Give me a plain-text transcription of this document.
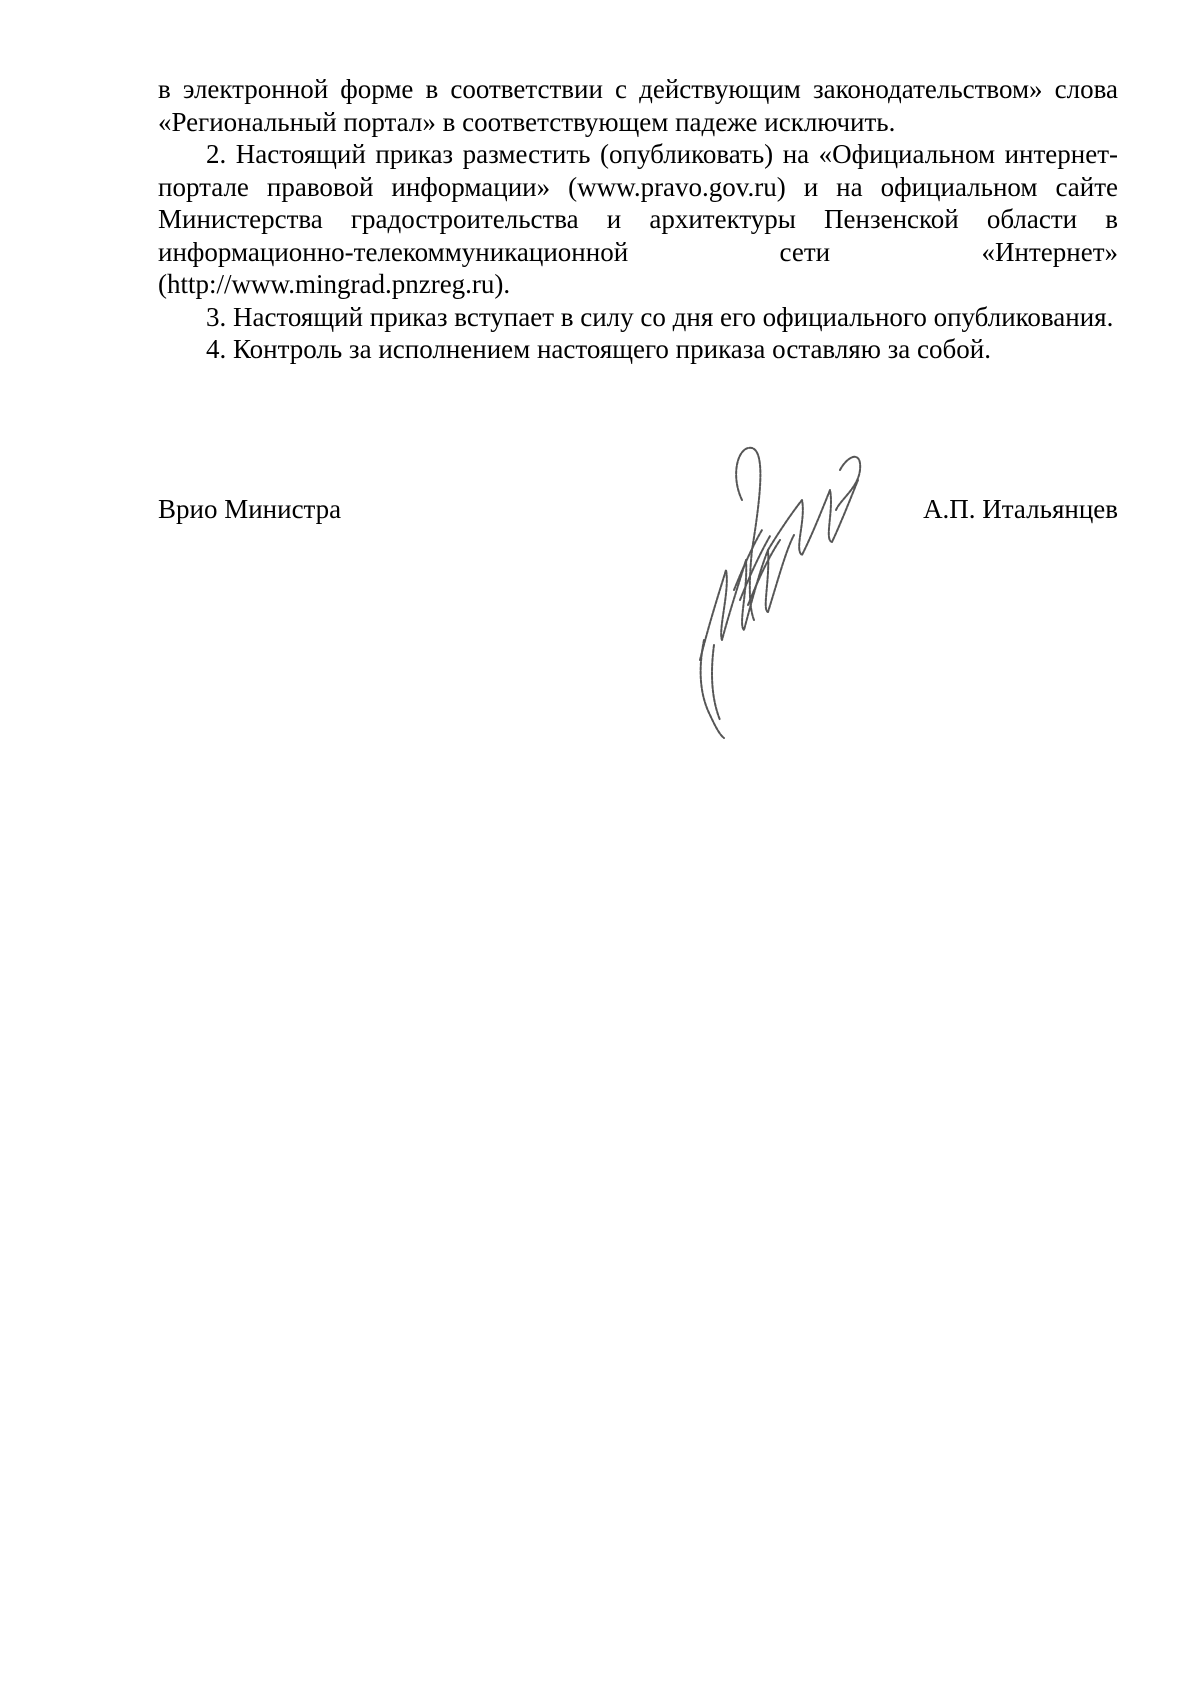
в электронной форме в соответствии с действующим законодательством» слова «Региональный портал» в соответствующем падеже исключить.

2. Настоящий приказ разместить (опубликовать) на «Официальном интернет-портале правовой информации» (www.pravo.gov.ru) и на официальном сайте Министерства градостроительства и архитектуры Пензенской области в информационно-телекоммуникационной сети «Интернет» (http://www.mingrad.pnzreg.ru).

3. Настоящий приказ вступает в силу со дня его официального опубликования.

4. Контроль за исполнением настоящего приказа оставляю за собой.

Врио Министра	А.П. Итальянцев
